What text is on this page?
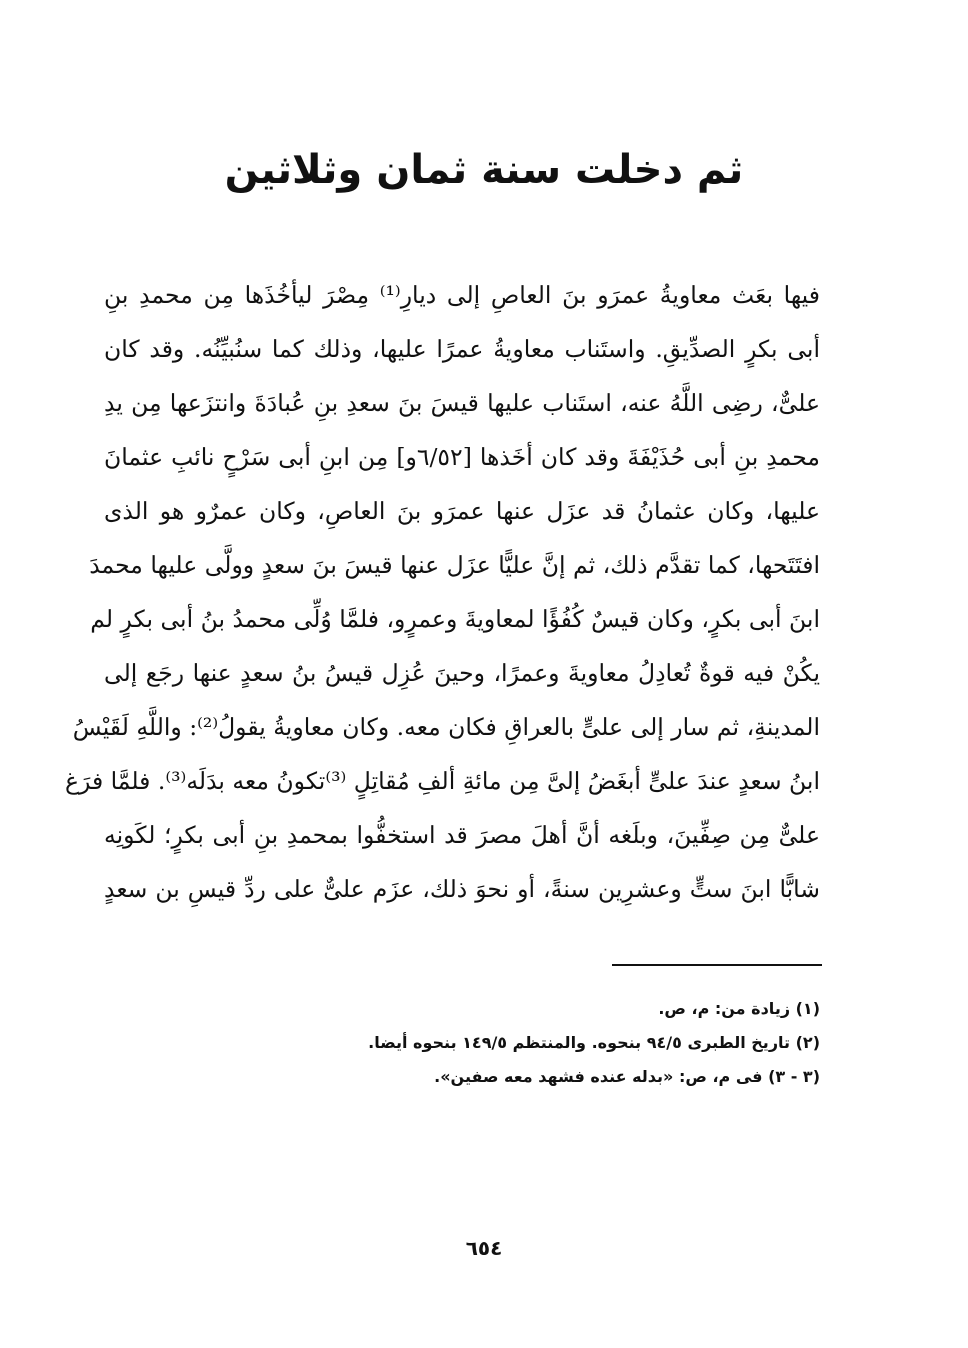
ثم دخلت سنة ثمان وثلاثين
فيها بعَث معاويةُ عمرَو بنَ العاصِ إلى ديارِ⁽¹⁾ مِصْرَ ليأخُذَها مِن محمدِ بنِ
أبى بكرٍ الصدِّيقِ. واستَناب معاويةُ عمرًا عليها، وذلك كما سنُبيِّنُه. وقد كان
علىٌّ، رضِى اللَّهُ عنه، استَناب عليها قيسَ بنَ سعدِ بنِ عُبادَةَ وانتزَعها مِن يدِ
محمدِ بنِ أبى حُذَيْفَةَ وقد كان أخَذها [٦/٥٢و] مِن ابنِ أبى سَرْحٍ نائبِ عثمانَ
عليها، وكان عثمانُ قد عزَل عنها عمرَو بنَ العاصِ، وكان عمرٌو هو الذى
افتَتَحها، كما تقدَّم ذلك، ثم إنَّ عليًّا عزَل عنها قيسَ بنَ سعدٍ وولَّى عليها محمدَ
ابنَ أبى بكرٍ، وكان قيسٌ كُفُؤًا لمعاويةَ وعمرٍو، فلمَّا وُلِّى محمدُ بنُ أبى بكرٍ لم
يكُنْ فيه قوةٌ تُعادِلُ معاويةَ وعمرًا، وحينَ عُزِل قيسُ بنُ سعدٍ عنها رجَع إلى
المدينةِ، ثم سار إلى علىٍّ بالعراقِ فكان معه. وكان معاويةُ يقولُ⁽²⁾: واللَّهِ لَقَيْسُ
ابنُ سعدٍ عندَ علىٍّ أبغَضُ إلىَّ مِن مائةِ ألفِ مُقاتِلٍ ⁽³⁾تكونُ معه بدَلَه⁽³⁾. فلمَّا فرَغ
علىٌّ مِن صِفِّينَ، وبلَغه أنَّ أهلَ مصرَ قد استخفُّوا بمحمدِ بنِ أبى بكرٍ؛ لكَونِه
شابًّا ابنَ ستٍّ وعشرِين سنةً، أو نحوَ ذلك، عزَم علىٌّ على ردِّ قيسِ بن سعدٍ
(١) زيادة من: م، ص.
(٢) تاريخ الطبرى ٩٤/٥ بنحوه. والمنتظم ١٤٩/٥ بنحوه أيضا.
(٣ - ٣) فى م، ص: «بدله عنده فشهد معه صفين».
٦٥٤
